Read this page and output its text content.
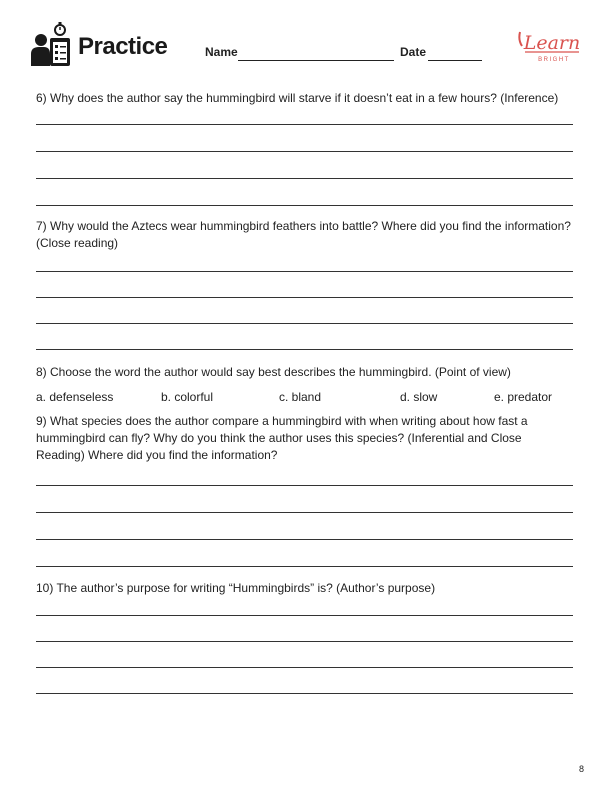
Practice	Name	Date	Learn
BRIGHT
6) Why does the author say the hummingbird will starve if it doesn’t eat in a few hours? (Inference)
7) Why would the Aztecs wear hummingbird feathers into battle? Where did you find the information? (Close reading)
8) Choose the word the author would say best describes the hummingbird. (Point of view)
a. defenseless	b. colorful	c. bland	d. slow	e. predator
9) What species does the author compare a hummingbird with when writing about how fast a hummingbird can fly? Why do you think the author uses this species? (Inferential and Close Reading) Where did you find the information?
10) The author’s purpose for writing “Hummingbirds” is? (Author’s purpose)
8
